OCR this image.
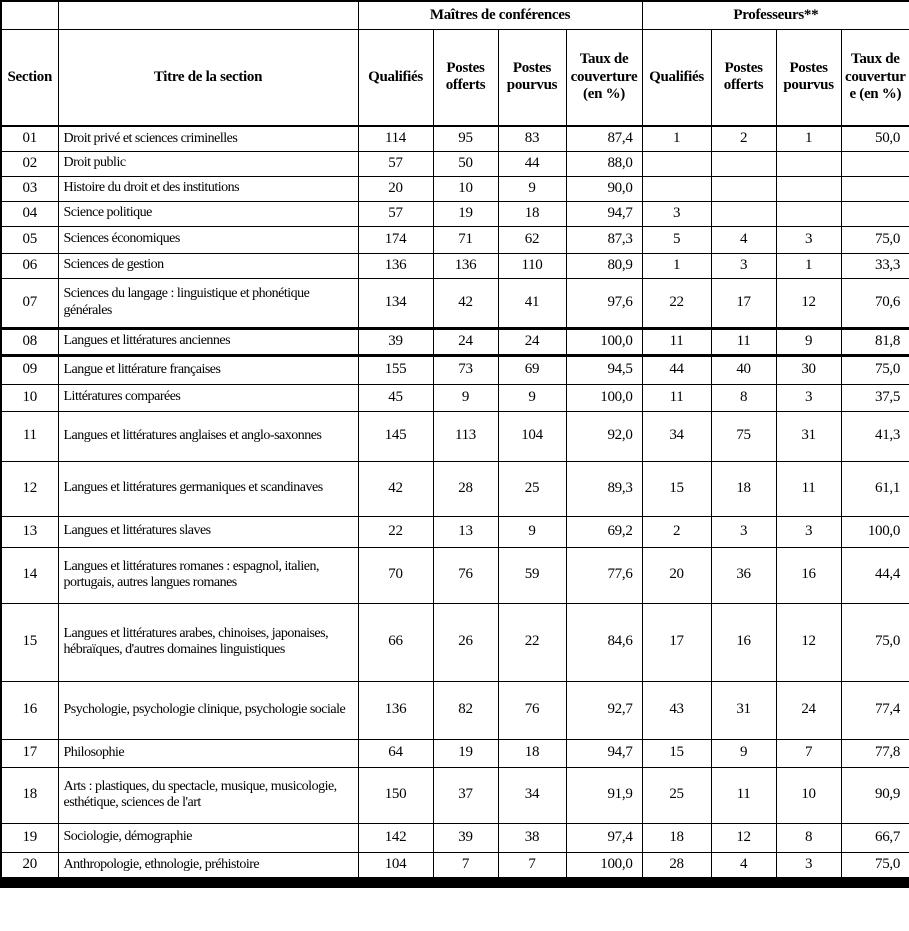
		Maîtres de conférences				Professeurs**			
Section	Titre de la section	Qualifiés	Postes offerts	Postes pourvus	Taux de couverture (en %)	Qualifiés	Postes offerts	Postes pourvus	Taux de couverture (en %)
01	Droit privé et sciences criminelles	114	95	83	87,4	1	2	1	50,0
02	Droit public	57	50	44	88,0				
03	Histoire du droit et des institutions	20	10	9	90,0				
04	Science politique	57	19	18	94,7	3			
05	Sciences économiques	174	71	62	87,3	5	4	3	75,0
06	Sciences de gestion	136	136	110	80,9	1	3	1	33,3
07	Sciences du langage : linguistique et phonétique générales	134	42	41	97,6	22	17	12	70,6
08	Langues et littératures anciennes	39	24	24	100,0	11	11	9	81,8
09	Langue et littérature françaises	155	73	69	94,5	44	40	30	75,0
10	Littératures comparées	45	9	9	100,0	11	8	3	37,5
11	Langues et littératures anglaises et anglo-saxonnes	145	113	104	92,0	34	75	31	41,3
12	Langues et littératures germaniques et scandinaves	42	28	25	89,3	15	18	11	61,1
13	Langues et littératures slaves	22	13	9	69,2	2	3	3	100,0
14	Langues et littératures romanes : espagnol, italien, portugais, autres langues romanes	70	76	59	77,6	20	36	16	44,4
15	Langues et littératures arabes, chinoises, japonaises, hébraïques, d'autres domaines linguistiques	66	26	22	84,6	17	16	12	75,0
16	Psychologie, psychologie clinique, psychologie sociale	136	82	76	92,7	43	31	24	77,4
17	Philosophie	64	19	18	94,7	15	9	7	77,8
18	Arts : plastiques, du spectacle, musique, musicologie, esthétique, sciences de l'art	150	37	34	91,9	25	11	10	90,9
19	Sociologie, démographie	142	39	38	97,4	18	12	8	66,7
20	Anthropologie, ethnologie, préhistoire	104	7	7	100,0	28	4	3	75,0
